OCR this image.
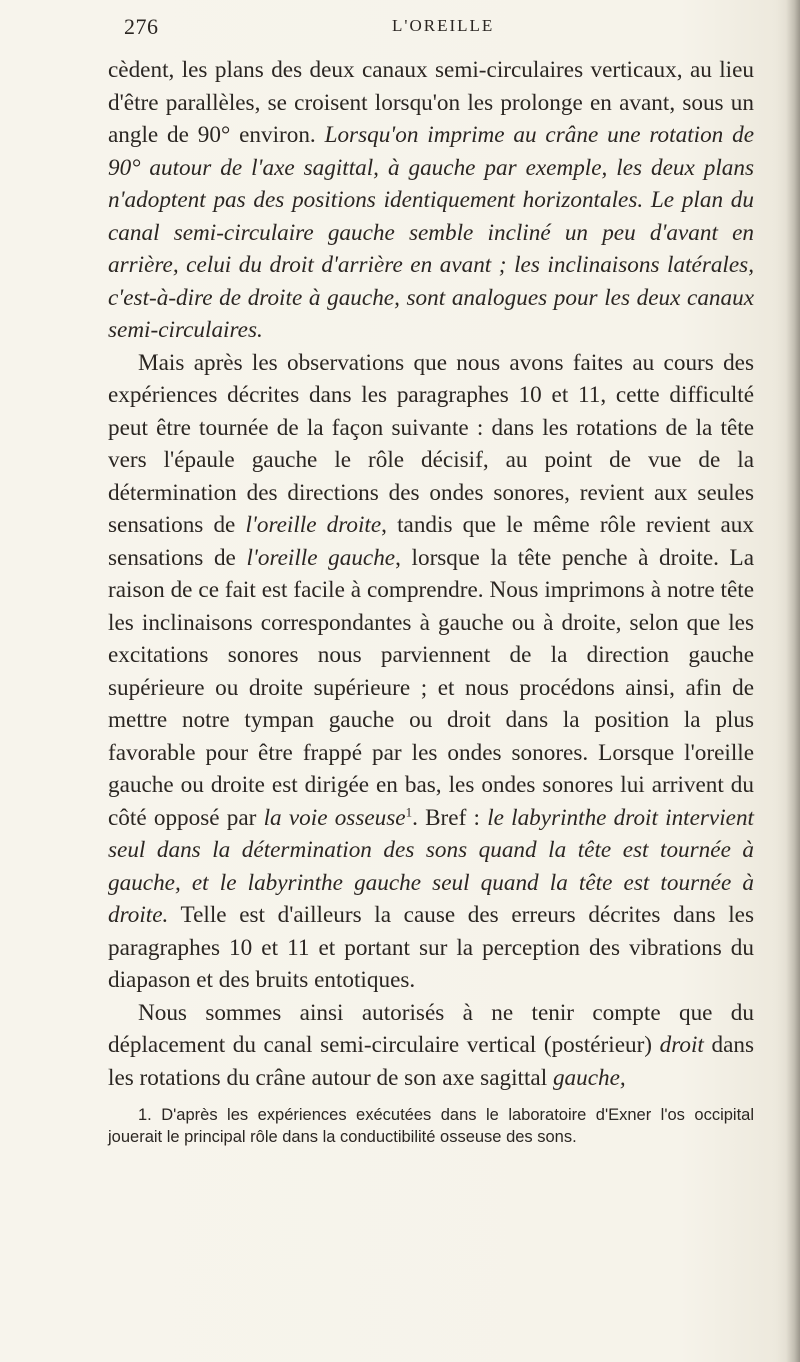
276	L'OREILLE

cèdent, les plans des deux canaux semi-circulaires verticaux, au lieu d'être parallèles, se croisent lorsqu'on les prolonge en avant, sous un angle de 90° environ. Lorsqu'on imprime au crâne une rotation de 90° autour de l'axe sagittal, à gauche par exemple, les deux plans n'adoptent pas des positions identiquement horizontales. Le plan du canal semi-circulaire gauche semble incliné un peu d'avant en arrière, celui du droit d'arrière en avant ; les inclinaisons latérales, c'est-à-dire de droite à gauche, sont analogues pour les deux canaux semi-circulaires.

Mais après les observations que nous avons faites au cours des expériences décrites dans les paragraphes 10 et 11, cette difficulté peut être tournée de la façon suivante : dans les rotations de la tête vers l'épaule gauche le rôle décisif, au point de vue de la détermination des directions des ondes sonores, revient aux seules sensations de l'oreille droite, tandis que le même rôle revient aux sensations de l'oreille gauche, lorsque la tête penche à droite. La raison de ce fait est facile à comprendre. Nous imprimons à notre tête les inclinaisons correspondantes à gauche ou à droite, selon que les excitations sonores nous parviennent de la direction gauche supérieure ou droite supérieure ; et nous procédons ainsi, afin de mettre notre tympan gauche ou droit dans la position la plus favorable pour être frappé par les ondes sonores. Lorsque l'oreille gauche ou droite est dirigée en bas, les ondes sonores lui arrivent du côté opposé par la voie osseuse$^1$. Bref : le labyrinthe droit intervient seul dans la détermination des sons quand la tête est tournée à gauche, et le labyrinthe gauche seul quand la tête est tournée à droite. Telle est d'ailleurs la cause des erreurs décrites dans les paragraphes 10 et 11 et portant sur la perception des vibrations du diapason et des bruits entotiques.

Nous sommes ainsi autorisés à ne tenir compte que du déplacement du canal semi-circulaire vertical (postérieur) droit dans les rotations du crâne autour de son axe sagittal gauche,

1. D'après les expériences exécutées dans le laboratoire d'Exner l'os occipital jouerait le principal rôle dans la conductibilité osseuse des sons.
